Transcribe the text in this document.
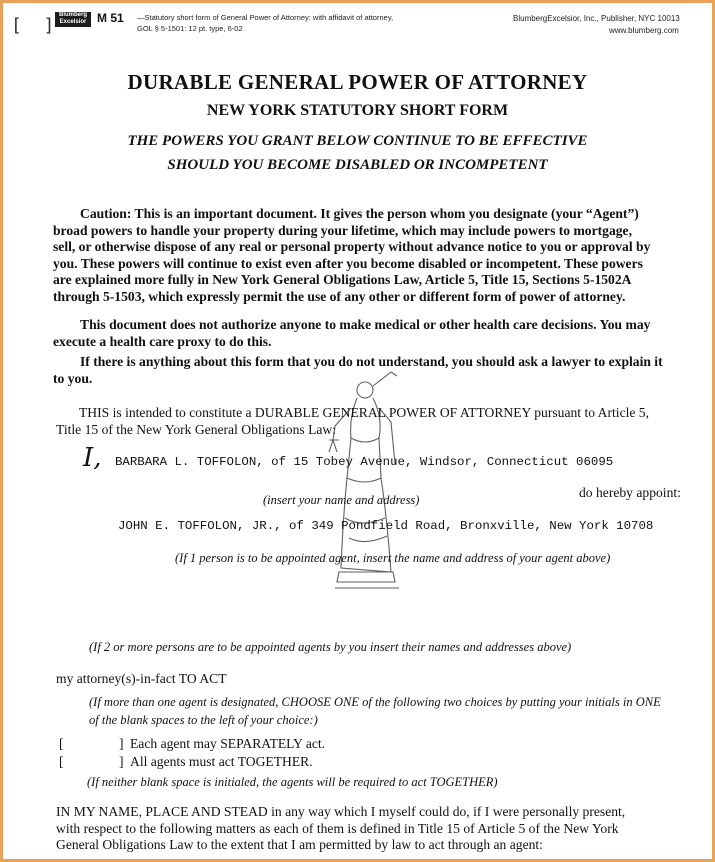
[  ] Blumberg Excelsior M 51 —Statutory short form of General Power of Attorney: with affidavit of attorney, GOL § 5-1501: 12 pt. type, 6-02
BlumbergExcelsior, Inc., Publisher, NYC 10013
www.blumberg.com
DURABLE GENERAL POWER OF ATTORNEY
NEW YORK STATUTORY SHORT FORM
THE POWERS YOU GRANT BELOW CONTINUE TO BE EFFECTIVE
SHOULD YOU BECOME DISABLED OR INCOMPETENT
Caution: This is an important document. It gives the person whom you designate (your “Agent”)
broad powers to handle your property during your lifetime, which may include powers to mortgage,
sell, or otherwise dispose of any real or personal property without advance notice to you or approval by
you. These powers will continue to exist even after you become disabled or incompetent. These powers
are explained more fully in New York General Obligations Law, Article 5, Title 15, Sections 5-1502A
through 5-1503, which expressly permit the use of any other or different form of power of attorney.
This document does not authorize anyone to make medical or other health care decisions. You may
execute a health care proxy to do this.
If there is anything about this form that you do not understand, you should ask a lawyer to explain it
to you.
THIS is intended to constitute a DURABLE GENERAL POWER OF ATTORNEY pursuant to Article 5,
Title 15 of the New York General Obligations Law:
I, BARBARA L. TOFFOLON, of 15 Tobey Avenue, Windsor, Connecticut 06095
(insert your name and address)	do hereby appoint:
JOHN E. TOFFOLON, JR., of 349 Pondfield Road, Bronxville, New York 10708
(If 1 person is to be appointed agent, insert the name and address of your agent above)
(If 2 or more persons are to be appointed agents by you insert their names and addresses above)
my attorney(s)-in-fact TO ACT
(If more than one agent is designated, CHOOSE ONE of the following two choices by putting your initials in ONE
of the blank spaces to the left of your choice:)
[	] Each agent may SEPARATELY act.
[	] All agents must act TOGETHER.
(If neither blank space is initialed, the agents will be required to act TOGETHER)
IN MY NAME, PLACE AND STEAD in any way which I myself could do, if I were personally present,
with respect to the following matters as each of them is defined in Title 15 of Article 5 of the New York
General Obligations Law to the extent that I am permitted by law to act through an agent:
